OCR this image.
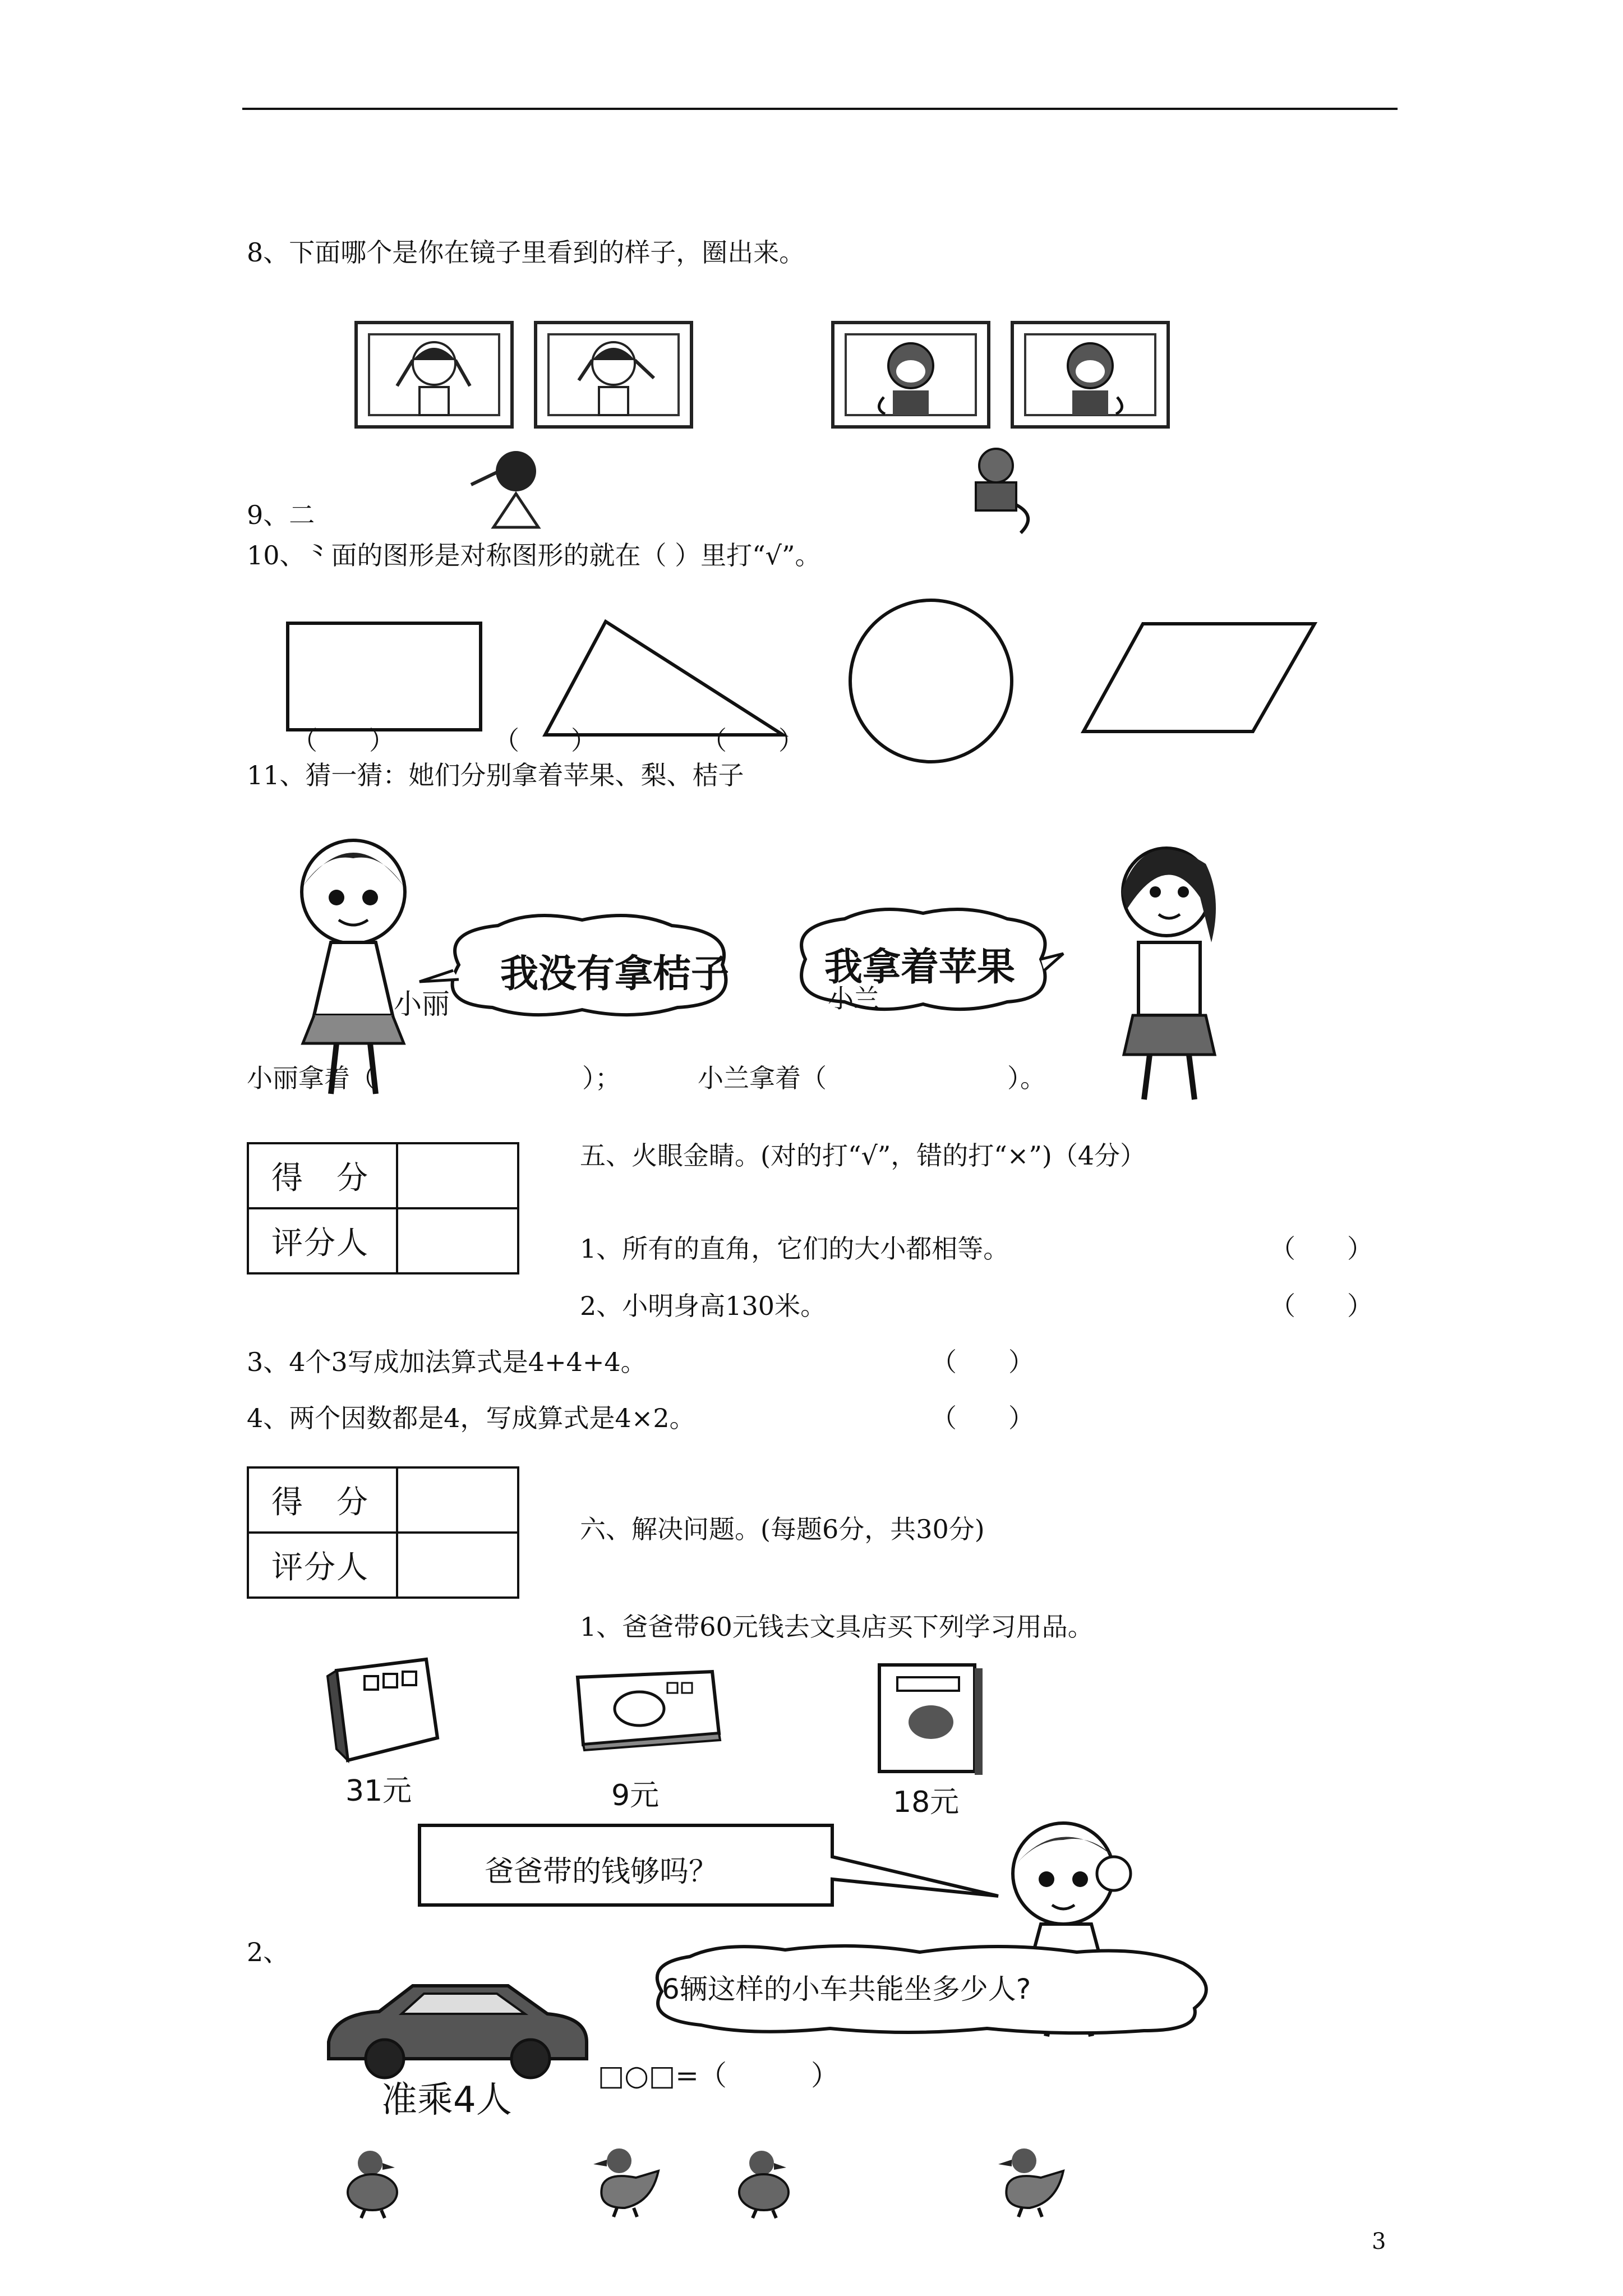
8、下面哪个是你在镜子里看到的样子，圈出来。
9、二
10、⺀面的图形是对称图形的就在（ ）里打“√”。
（　　）	（　　）	（　　）
11、猜一猜：她们分别拿着苹果、梨、桔子
小丽
我没有拿桔子 我拿着苹果
小兰
小丽拿着（　　　　　　　　）；	小兰拿着（　　　　　　　）。
得　分	
评分人	
五、火眼金睛。(对的打“√”，错的打“×”)（4分）
1、所有的直角，它们的大小都相等。	（　　）
2、小明身高130米。	（　　）
3、4个3写成加法算式是4+4+4。	（　　）
4、两个因数都是4，写成算式是4×2。	（　　）
得　分	
评分人	
六、解决问题。(每题6分，共30分)
1、爸爸带60元钱去文具店买下列学习用品。
31元	9元	18元
爸爸带的钱够吗？
2、
6辆这样的小车共能坐多少人?
准乘4人
□○□=（　　　）
3
